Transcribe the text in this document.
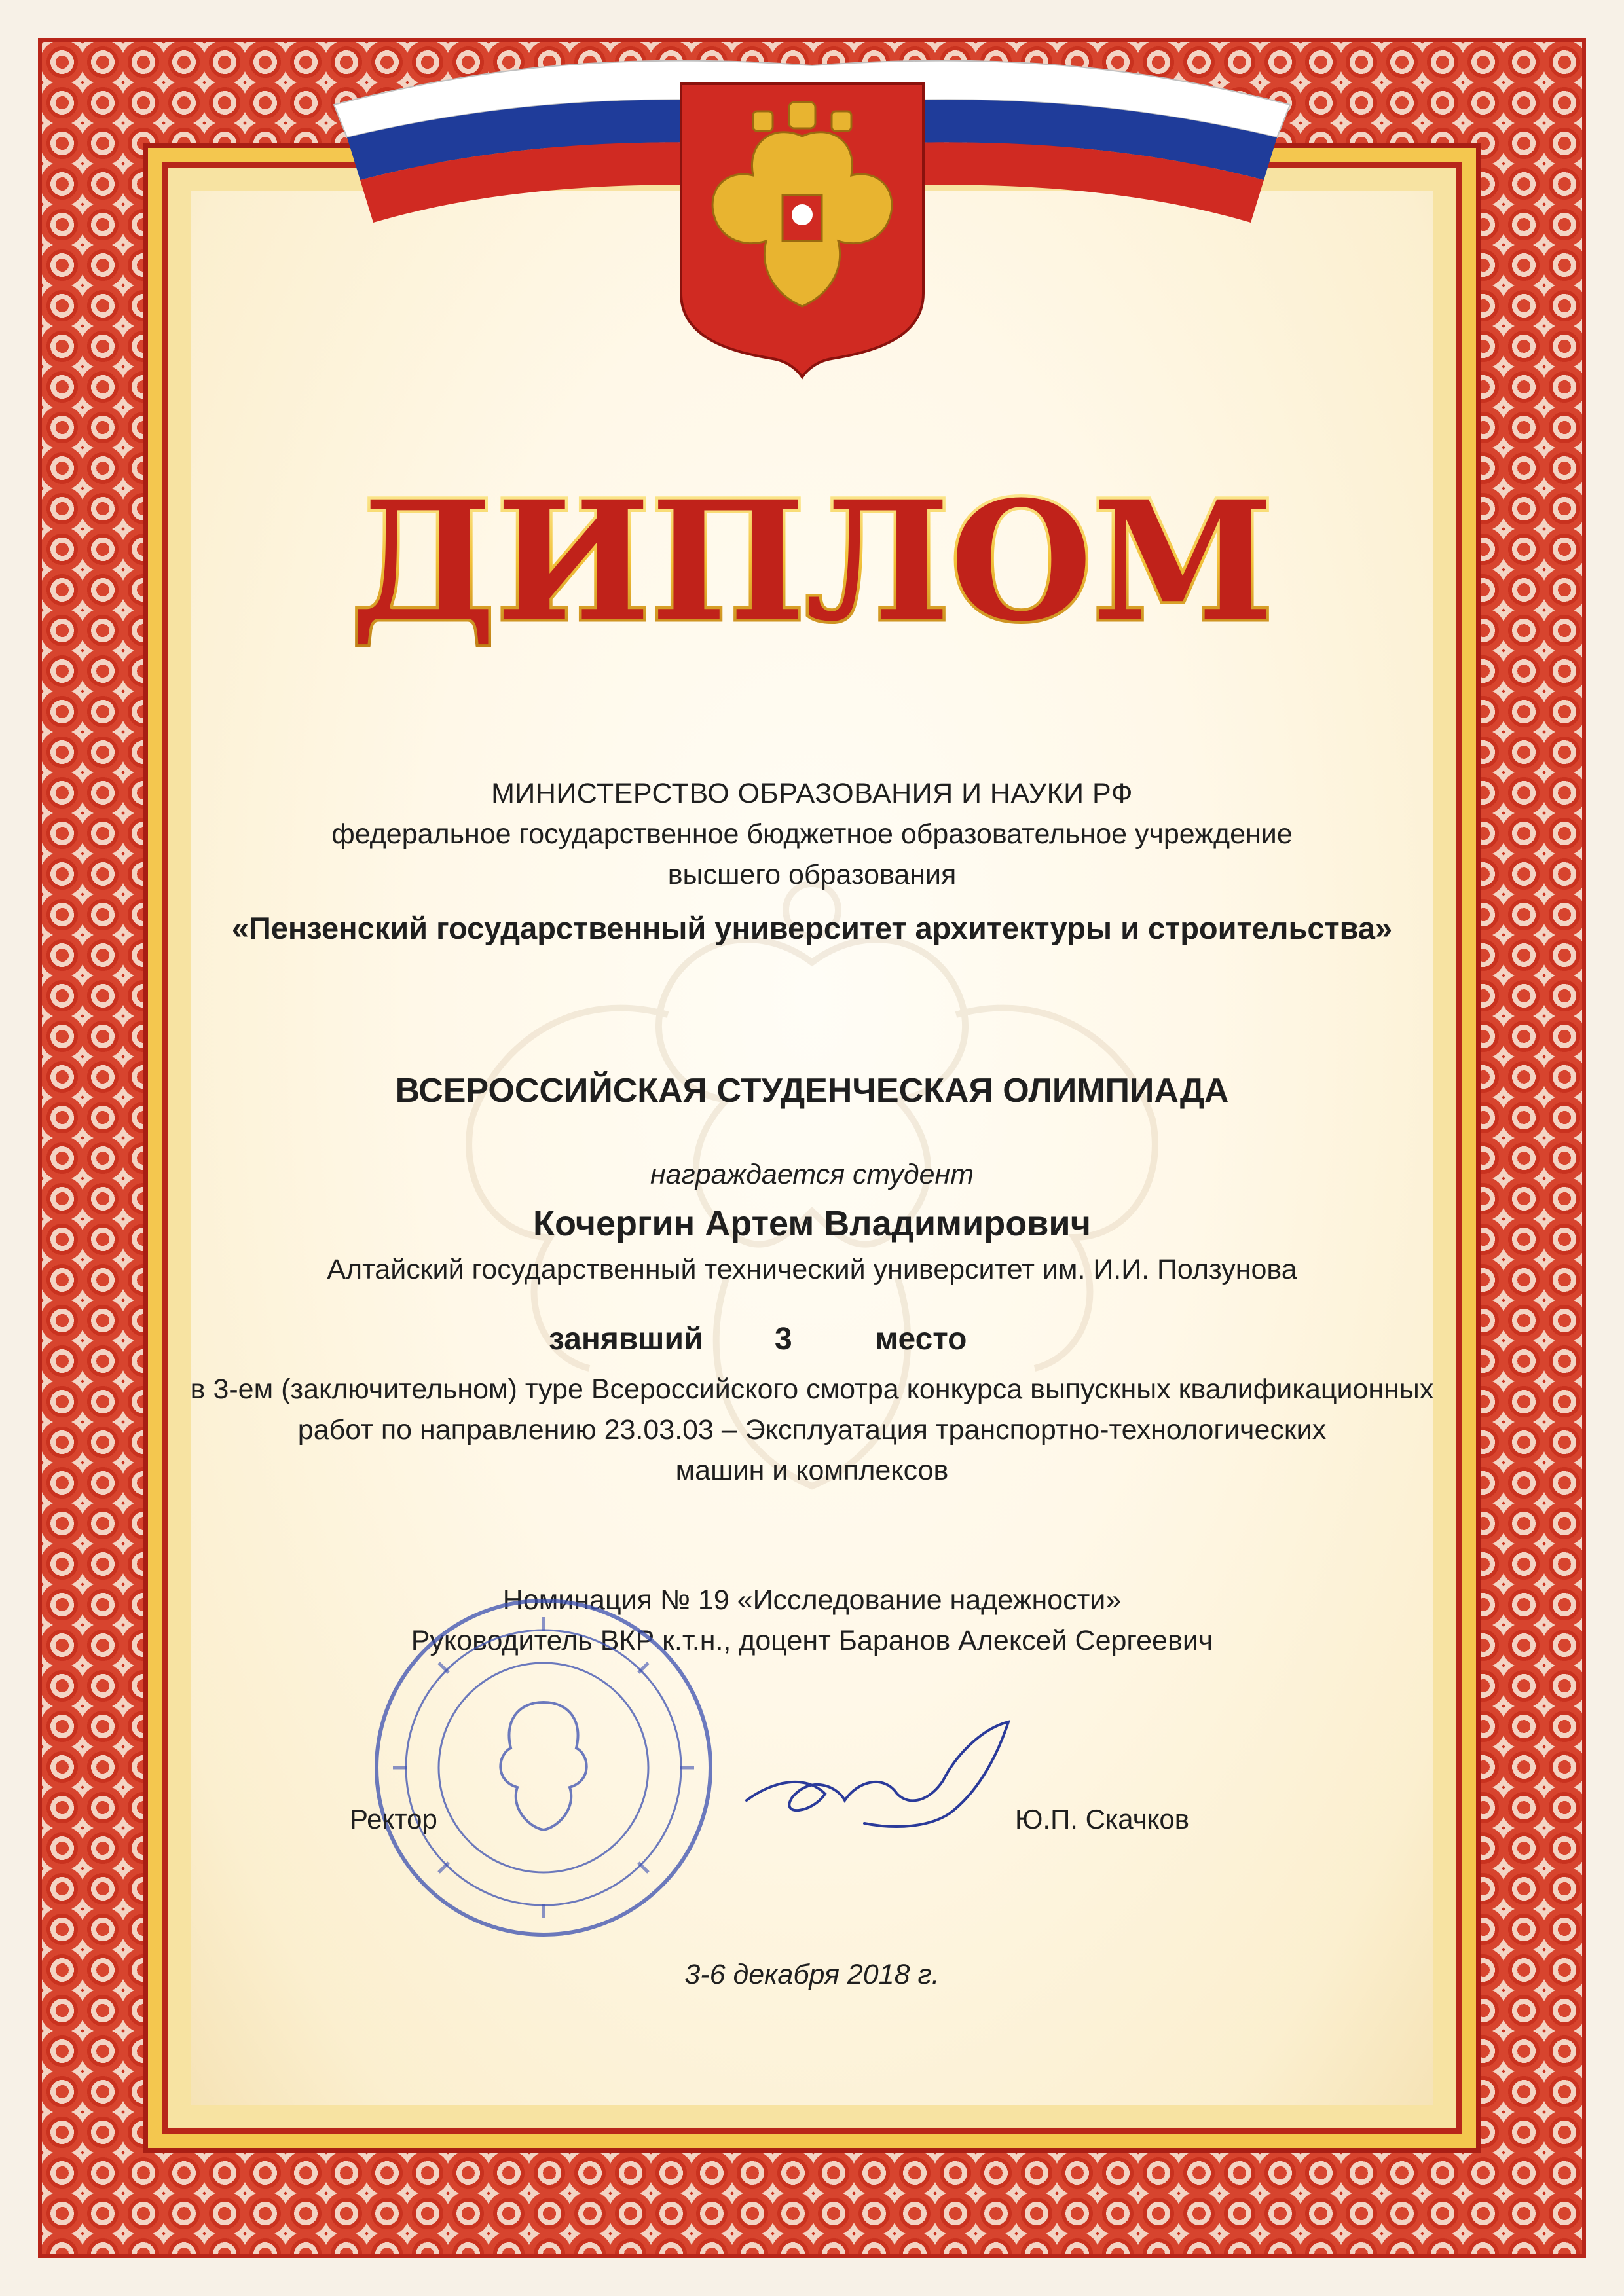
ДИПЛОМ
МИНИСТЕРСТВО ОБРАЗОВАНИЯ И НАУКИ РФ
федеральное государственное бюджетное образовательное учреждение
высшего образования
«Пензенский государственный университет архитектуры и строительства»
ВСЕРОССИЙСКАЯ СТУДЕНЧЕСКАЯ ОЛИМПИАДА
награждается студент
Кочергин Артем Владимирович
Алтайский государственный технический университет им. И.И. Ползунова
занявший 3	место
в 3-ем (заключительном) туре Всероссийского смотра конкурса выпускных квалификационных
работ по направлению 23.03.03 – Эксплуатация транспортно-технологических
машин и комплексов
Номинация № 19 «Исследование надежности»
Руководитель ВКР к.т.н., доцент Баранов Алексей Сергеевич
Ректор	Ю.П. Скачков
3-6 декабря 2018 г.
